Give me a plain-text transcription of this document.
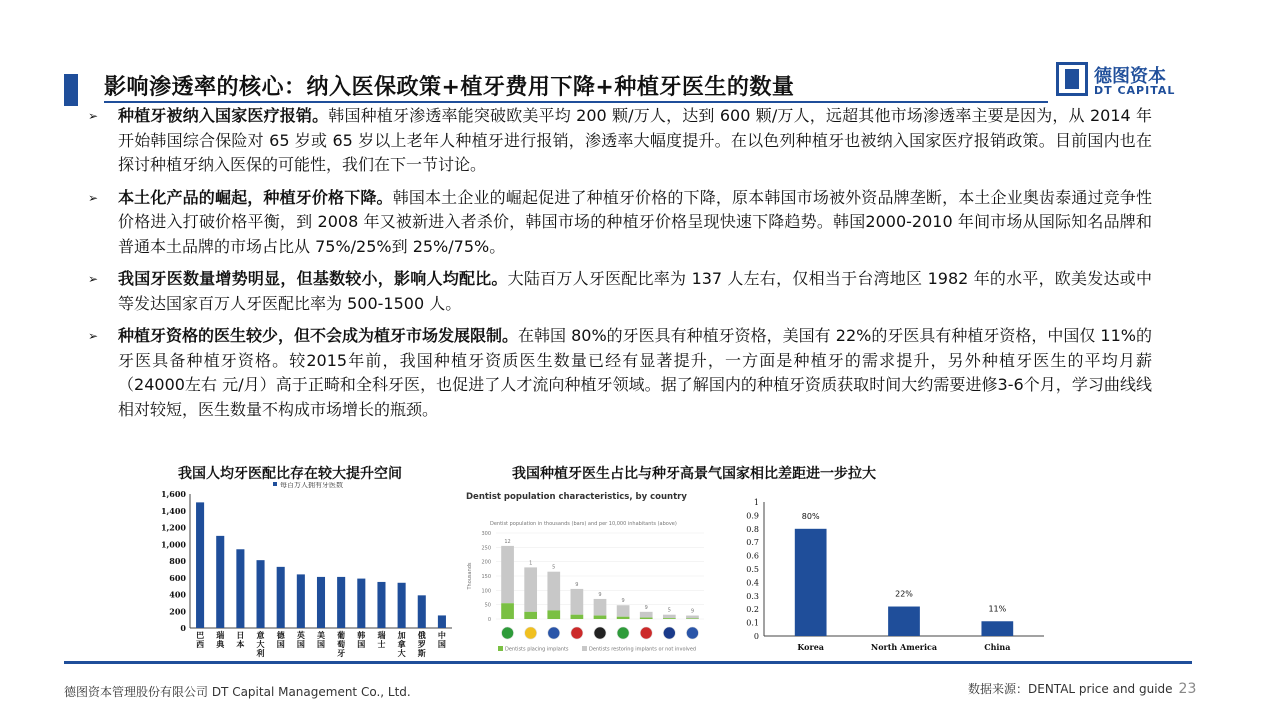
影响渗透率的核心：纳入医保政策+植牙费用下降+种植牙医生的数量	德图资本
DT CAPITAL
➢ 种植牙被纳入国家医疗报销。韩国种植牙渗透率能突破欧美平均 200 颗/万人，达到 600 颗/万人，远超其他市场渗透率主要是因为，从 2014 年开始韩国综合保险对 65 岁或 65 岁以上老年人种植牙进行报销，渗透率大幅度提升。在以色列种植牙也被纳入国家医疗报销政策。目前国内也在探讨种植牙纳入医保的可能性，我们在下一节讨论。
➢ 本土化产品的崛起，种植牙价格下降。韩国本土企业的崛起促进了种植牙价格的下降，原本韩国市场被外资品牌垄断，本土企业奥齿泰通过竞争性价格进入打破价格平衡，到 2008 年又被新进入者杀价，韩国市场的种植牙价格呈现快速下降趋势。韩国2000-2010 年间市场从国际知名品牌和普通本土品牌的市场占比从 75%/25%到 25%/75%。
➢ 我国牙医数量增势明显，但基数较小，影响人均配比。大陆百万人牙医配比率为 137 人左右，仅相当于台湾地区 1982 年的水平，欧美发达或中等发达国家百万人牙医配比率为 500-1500 人。
➢ 种植牙资格的医生较少，但不会成为植牙市场发展限制。在韩国 80%的牙医具有种植牙资格，美国有 22%的牙医具有种植牙资格，中国仅 11%的牙医具备种植牙资格。较2015年前，我国种植牙资质医生数量已经有显著提升，一方面是种植牙的需求提升，另外种植牙医生的平均月薪（24000左右 元/月）高于正畸和全科牙医，也促进了人才流向种植牙领域。据了解国内的种植牙资质获取时间大约需要进修3-6个月，学习曲线线相对较短，医生数量不构成市场增长的瓶颈。
我国人均牙医配比存在较大提升空间	我国种植牙医生占比与种牙高景气国家相比差距进一步拉大
0
200
400
600
800
1,000
1,200
1,400
1,600
每百万人拥有牙医数
巴西
瑞典
日本
意大利
德国
英国
美国
葡萄牙
韩国
瑞士
加拿大
俄罗斯
中国
Dentist population characteristics, by country
Dentist population in thousands (bars) and per 10,000 inhabitants (above)
Thousands
0
50
100
150
200
250
300
12
1
5
9
9
9
9	5	9
Dentists placing implants	Dentists restoring implants or not involved
0
0.1
0.2
0.3
0.4
0.5
0.6
0.7
0.8
0.9
1
80%
Korea
22%
North America
11%
China
德图资本管理股份有限公司 DT Capital Management Co., Ltd.	数据来源：DENTAL price and guide 23
